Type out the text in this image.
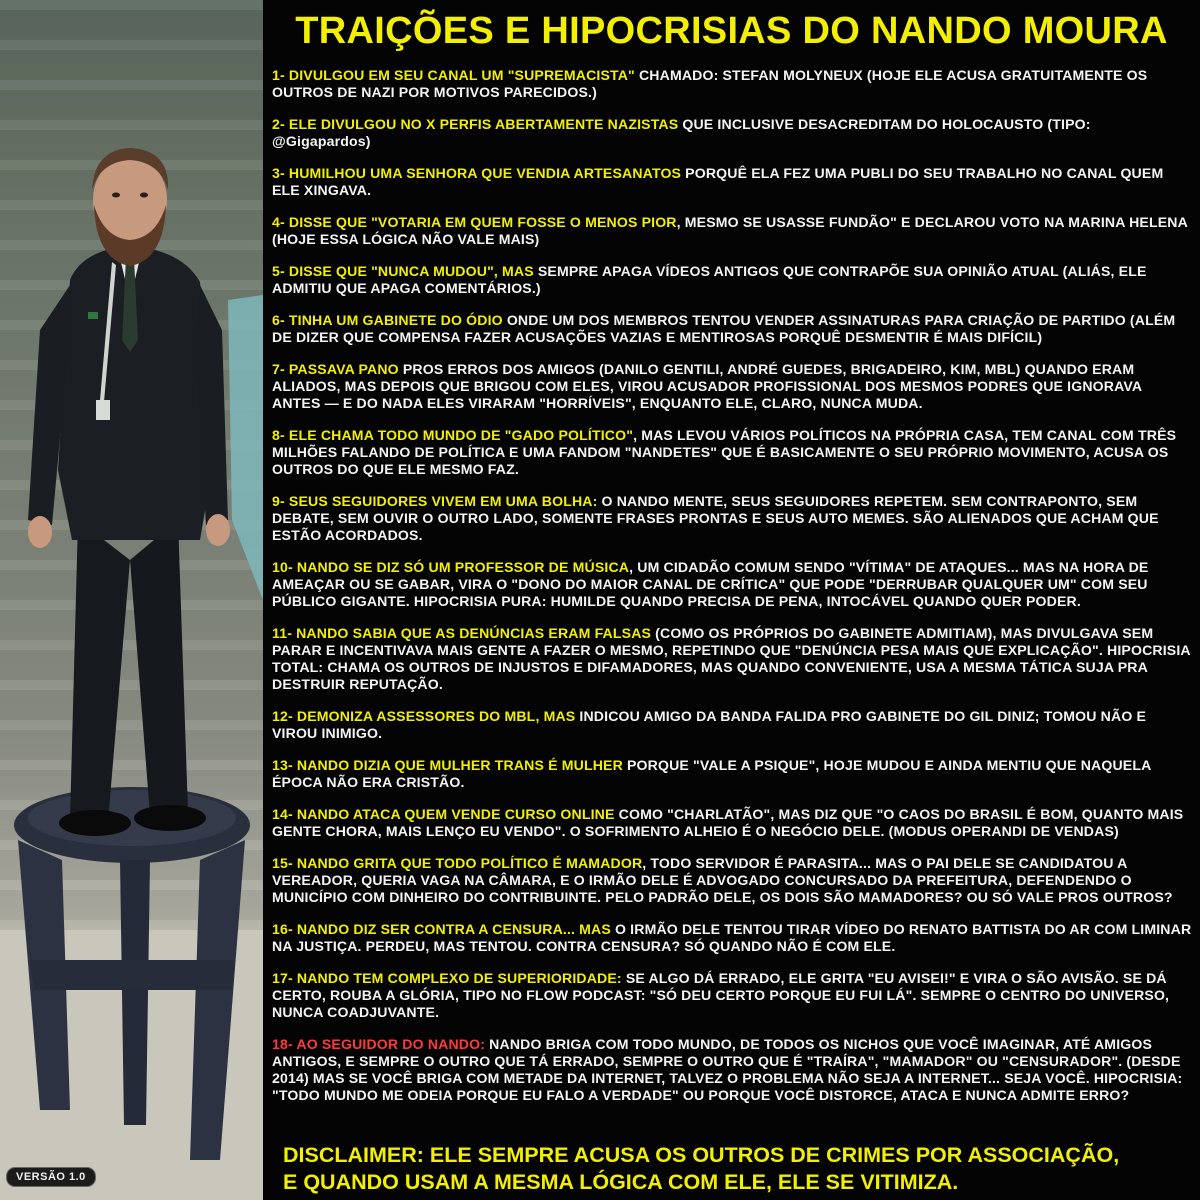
VERSÃO 1.0
TRAIÇÕES E HIPOCRISIAS DO NANDO MOURA
1- DIVULGOU EM SEU CANAL UM "SUPREMACISTA" CHAMADO: STEFAN MOLYNEUX (HOJE ELE ACUSA GRATUITAMENTE OS OUTROS DE NAZI POR MOTIVOS PARECIDOS.)
2- ELE DIVULGOU NO X PERFIS ABERTAMENTE NAZISTAS QUE INCLUSIVE DESACREDITAM DO HOLOCAUSTO (TIPO: @Gigapardos)
3- HUMILHOU UMA SENHORA QUE VENDIA ARTESANATOS PORQUÊ ELA FEZ UMA PUBLI DO SEU TRABALHO NO CANAL QUEM ELE XINGAVA.
4- DISSE QUE "VOTARIA EM QUEM FOSSE O MENOS PIOR, MESMO SE USASSE FUNDÃO" E DECLAROU VOTO NA MARINA HELENA (HOJE ESSA LÓGICA NÃO VALE MAIS)
5- DISSE QUE "NUNCA MUDOU", MAS SEMPRE APAGA VÍDEOS ANTIGOS QUE CONTRAPÕE SUA OPINIÃO ATUAL (ALIÁS, ELE ADMITIU QUE APAGA COMENTÁRIOS.)
6- TINHA UM GABINETE DO ÓDIO ONDE UM DOS MEMBROS TENTOU VENDER ASSINATURAS PARA CRIAÇÃO DE PARTIDO (ALÉM DE DIZER QUE COMPENSA FAZER ACUSAÇÕES VAZIAS E MENTIROSAS PORQUÊ DESMENTIR É MAIS DIFÍCIL)
7- PASSAVA PANO PROS ERROS DOS AMIGOS (DANILO GENTILI, ANDRÉ GUEDES, BRIGADEIRO, KIM, MBL) QUANDO ERAM ALIADOS, MAS DEPOIS QUE BRIGOU COM ELES, VIROU ACUSADOR PROFISSIONAL DOS MESMOS PODRES QUE IGNORAVA ANTES — E DO NADA ELES VIRARAM "HORRÍVEIS", ENQUANTO ELE, CLARO, NUNCA MUDA.
8- ELE CHAMA TODO MUNDO DE "GADO POLÍTICO", MAS LEVOU VÁRIOS POLÍTICOS NA PRÓPRIA CASA, TEM CANAL COM TRÊS MILHÕES FALANDO DE POLÍTICA E UMA FANDOM "NANDETES" QUE É BASICAMENTE O SEU PRÓPRIO MOVIMENTO, ACUSA OS OUTROS DO QUE ELE MESMO FAZ.
9- SEUS SEGUIDORES VIVEM EM UMA BOLHA: O NANDO MENTE, SEUS SEGUIDORES REPETEM. SEM CONTRAPONTO, SEM DEBATE, SEM OUVIR O OUTRO LADO, SOMENTE FRASES PRONTAS E SEUS AUTO MEMES. SÃO ALIENADOS QUE ACHAM QUE ESTÃO ACORDADOS.
10- NANDO SE DIZ SÓ UM PROFESSOR DE MÚSICA, UM CIDADÃO COMUM SENDO "VÍTIMA" DE ATAQUES... MAS NA HORA DE AMEAÇAR OU SE GABAR, VIRA O "DONO DO MAIOR CANAL DE CRÍTICA" QUE PODE "DERRUBAR QUALQUER UM" COM SEU PÚBLICO GIGANTE. HIPOCRISIA PURA: HUMILDE QUANDO PRECISA DE PENA, INTOCÁVEL QUANDO QUER PODER.
11- NANDO SABIA QUE AS DENÚNCIAS ERAM FALSAS (COMO OS PRÓPRIOS DO GABINETE ADMITIAM), MAS DIVULGAVA SEM PARAR E INCENTIVAVA MAIS GENTE A FAZER O MESMO, REPETINDO QUE "DENÚNCIA PESA MAIS QUE EXPLICAÇÃO". HIPOCRISIA TOTAL: CHAMA OS OUTROS DE INJUSTOS E DIFAMADORES, MAS QUANDO CONVENIENTE, USA A MESMA TÁTICA SUJA PRA DESTRUIR REPUTAÇÃO.
12- DEMONIZA ASSESSORES DO MBL, MAS INDICOU AMIGO DA BANDA FALIDA PRO GABINETE DO GIL DINIZ; TOMOU NÃO E VIROU INIMIGO.
13- NANDO DIZIA QUE MULHER TRANS É MULHER PORQUE "VALE A PSIQUE", HOJE MUDOU E AINDA MENTIU QUE NAQUELA ÉPOCA NÃO ERA CRISTÃO.
14- NANDO ATACA QUEM VENDE CURSO ONLINE COMO "CHARLATÃO", MAS DIZ QUE "O CAOS DO BRASIL É BOM, QUANTO MAIS GENTE CHORA, MAIS LENÇO EU VENDO". O SOFRIMENTO ALHEIO É O NEGÓCIO DELE. (MODUS OPERANDI DE VENDAS)
15- NANDO GRITA QUE TODO POLÍTICO É MAMADOR, TODO SERVIDOR É PARASITA... MAS O PAI DELE SE CANDIDATOU A VEREADOR, QUERIA VAGA NA CÂMARA, E O IRMÃO DELE É ADVOGADO CONCURSADO DA PREFEITURA, DEFENDENDO O MUNICÍPIO COM DINHEIRO DO CONTRIBUINTE. PELO PADRÃO DELE, OS DOIS SÃO MAMADORES? OU SÓ VALE PROS OUTROS?
16- NANDO DIZ SER CONTRA A CENSURA... MAS O IRMÃO DELE TENTOU TIRAR VÍDEO DO RENATO BATTISTA DO AR COM LIMINAR NA JUSTIÇA. PERDEU, MAS TENTOU. CONTRA CENSURA? SÓ QUANDO NÃO É COM ELE.
17- NANDO TEM COMPLEXO DE SUPERIORIDADE: SE ALGO DÁ ERRADO, ELE GRITA "EU AVISEI!" E VIRA O SÃO AVISÃO. SE DÁ CERTO, ROUBA A GLÓRIA, TIPO NO FLOW PODCAST: "SÓ DEU CERTO PORQUE EU FUI LÁ". SEMPRE O CENTRO DO UNIVERSO, NUNCA COADJUVANTE.
18- AO SEGUIDOR DO NANDO: NANDO BRIGA COM TODO MUNDO, DE TODOS OS NICHOS QUE VOCÊ IMAGINAR, ATÉ AMIGOS ANTIGOS, E SEMPRE O OUTRO QUE TÁ ERRADO, SEMPRE O OUTRO QUE É "TRAÍRA", "MAMADOR" OU "CENSURADOR". (DESDE 2014) MAS SE VOCÊ BRIGA COM METADE DA INTERNET, TALVEZ O PROBLEMA NÃO SEJA A INTERNET... SEJA VOCÊ. HIPOCRISIA: "TODO MUNDO ME ODEIA PORQUE EU FALO A VERDADE" OU PORQUE VOCÊ DISTORCE, ATACA E NUNCA ADMITE ERRO?
DISCLAIMER: ELE SEMPRE ACUSA OS OUTROS DE CRIMES POR ASSOCIAÇÃO,
E QUANDO USAM A MESMA LÓGICA COM ELE, ELE SE VITIMIZA.
